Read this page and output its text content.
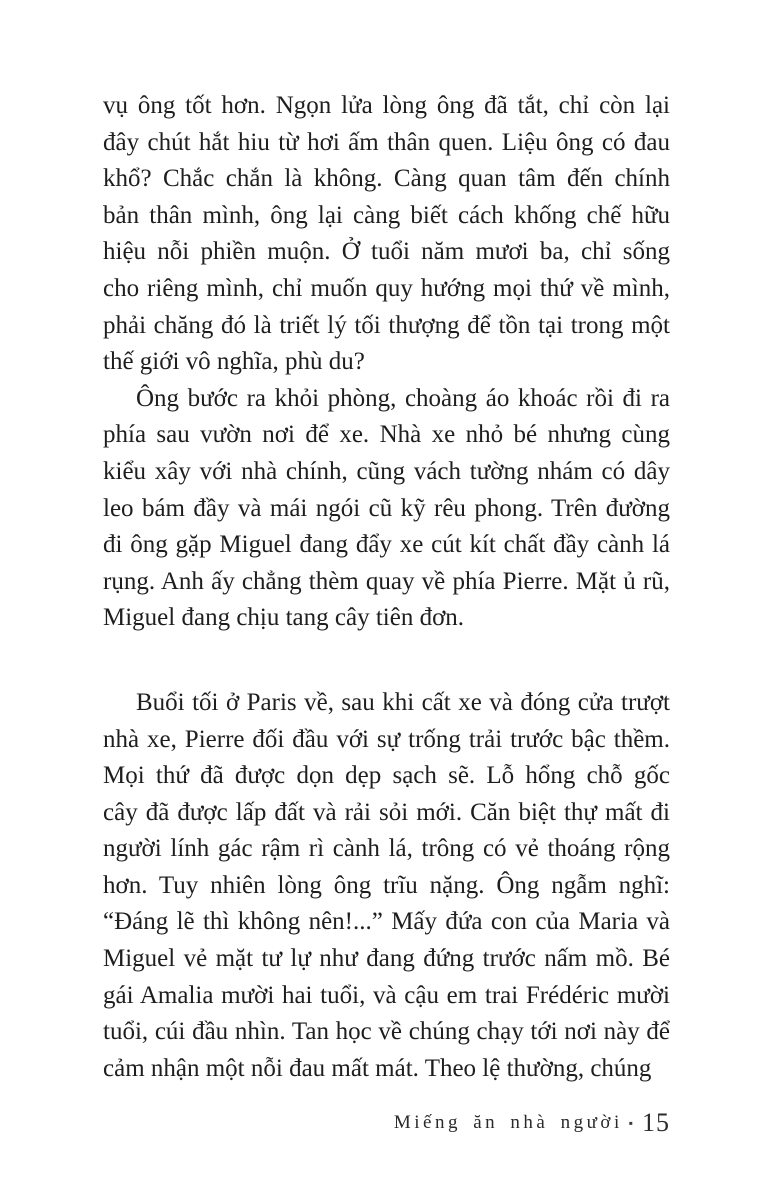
vụ ông tốt hơn. Ngọn lửa lòng ông đã tắt, chỉ còn lại
đây chút hắt hiu từ hơi ấm thân quen. Liệu ông có đau
khổ? Chắc chắn là không. Càng quan tâm đến chính
bản thân mình, ông lại càng biết cách khống chế hữu
hiệu nỗi phiền muộn. Ở tuổi năm mươi ba, chỉ sống
cho riêng mình, chỉ muốn quy hướng mọi thứ về mình,
phải chăng đó là triết lý tối thượng để tồn tại trong một
thế giới vô nghĩa, phù du?
Ông bước ra khỏi phòng, choàng áo khoác rồi đi ra
phía sau vườn nơi để xe. Nhà xe nhỏ bé nhưng cùng
kiểu xây với nhà chính, cũng vách tường nhám có dây
leo bám đầy và mái ngói cũ kỹ rêu phong. Trên đường
đi ông gặp Miguel đang đẩy xe cút kít chất đầy cành lá
rụng. Anh ấy chẳng thèm quay về phía Pierre. Mặt ủ rũ,
Miguel đang chịu tang cây tiên đơn.
Buổi tối ở Paris về, sau khi cất xe và đóng cửa trượt
nhà xe, Pierre đối đầu với sự trống trải trước bậc thềm.
Mọi thứ đã được dọn dẹp sạch sẽ. Lỗ hổng chỗ gốc
cây đã được lấp đất và rải sỏi mới. Căn biệt thự mất đi
người lính gác rậm rì cành lá, trông có vẻ thoáng rộng
hơn. Tuy nhiên lòng ông trĩu nặng. Ông ngẫm nghĩ:
“Đáng lẽ thì không nên!...” Mấy đứa con của Maria và
Miguel vẻ mặt tư lự như đang đứng trước nấm mồ. Bé
gái Amalia mười hai tuổi, và cậu em trai Frédéric mười
tuổi, cúi đầu nhìn. Tan học về chúng chạy tới nơi này để
cảm nhận một nỗi đau mất mát. Theo lệ thường, chúng
Miếng ăn nhà người ▪ 15
